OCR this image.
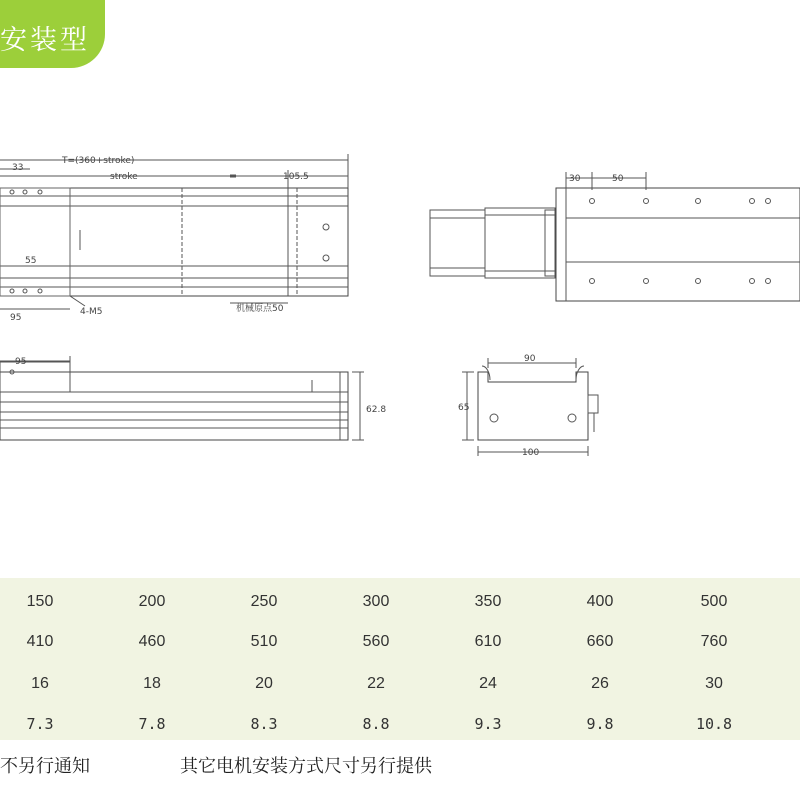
安装型
T=(360+stroke)
stroke	105.5
33
55
95
4-M5	机械原点50
30	50
95
62.8
90
65
100
150	200	250	300	350	400	500
410	460	510	560	610	660	760
16	18	20	22	24	26	30
7.3	7.8	8.3	8.8	9.3	9.8	10.8
不另行通知	其它电机安装方式尺寸另行提供
